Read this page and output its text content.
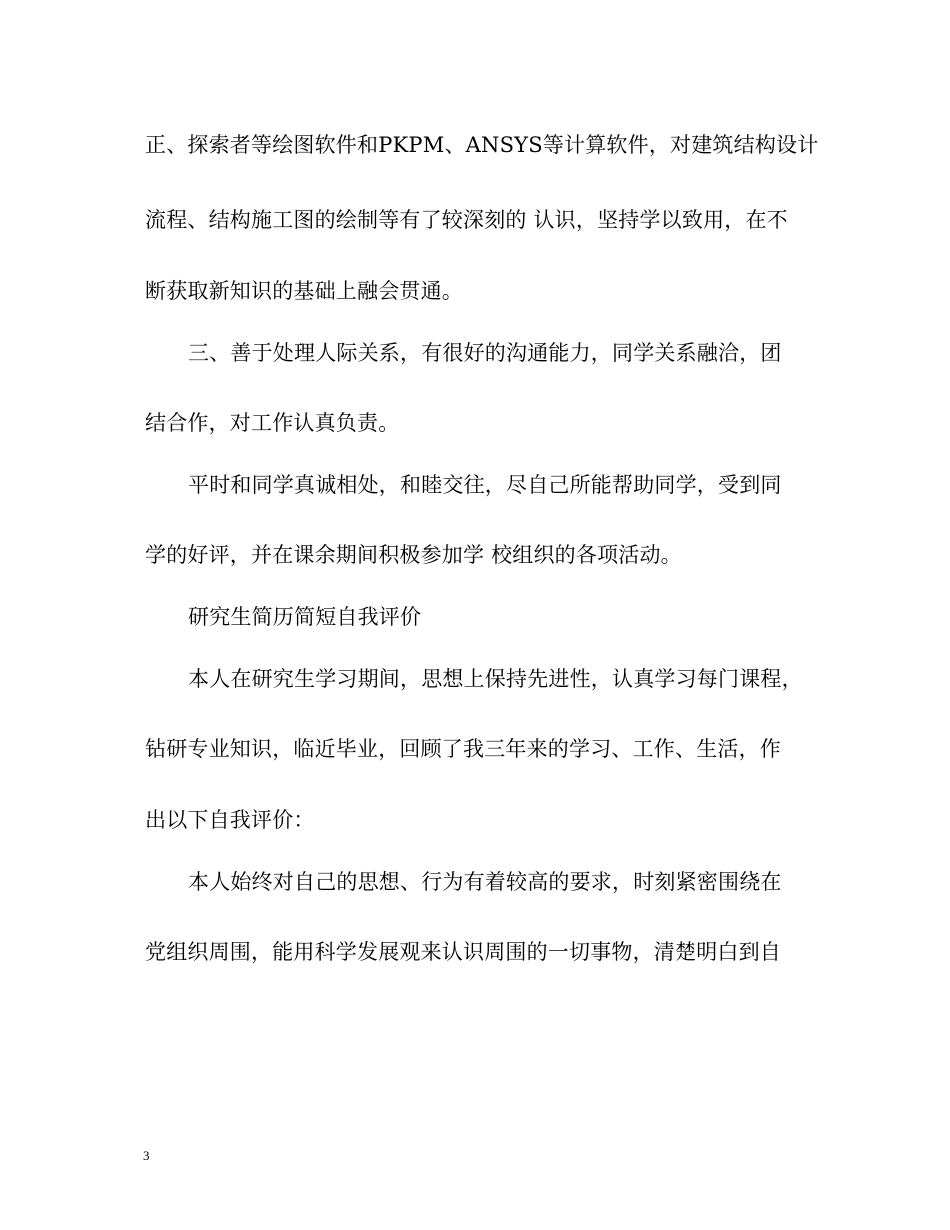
正、探索者等绘图软件和PKPM、ANSYS等计算软件，对建筑结构设计
流程、结构施工图的绘制等有了较深刻的 认识，坚持学以致用，在不
断获取新知识的基础上融会贯通。
三、善于处理人际关系，有很好的沟通能力，同学关系融洽，团
结合作，对工作认真负责。
平时和同学真诚相处，和睦交往，尽自己所能帮助同学，受到同
学的好评，并在课余期间积极参加学 校组织的各项活动。
研究生简历简短自我评价
本人在研究生学习期间，思想上保持先进性，认真学习每门课程，
钻研专业知识，临近毕业，回顾了我三年来的学习、工作、生活，作
出以下自我评价：
本人始终对自己的思想、行为有着较高的要求，时刻紧密围绕在
党组织周围，能用科学发展观来认识周围的一切事物，清楚明白到自
3
